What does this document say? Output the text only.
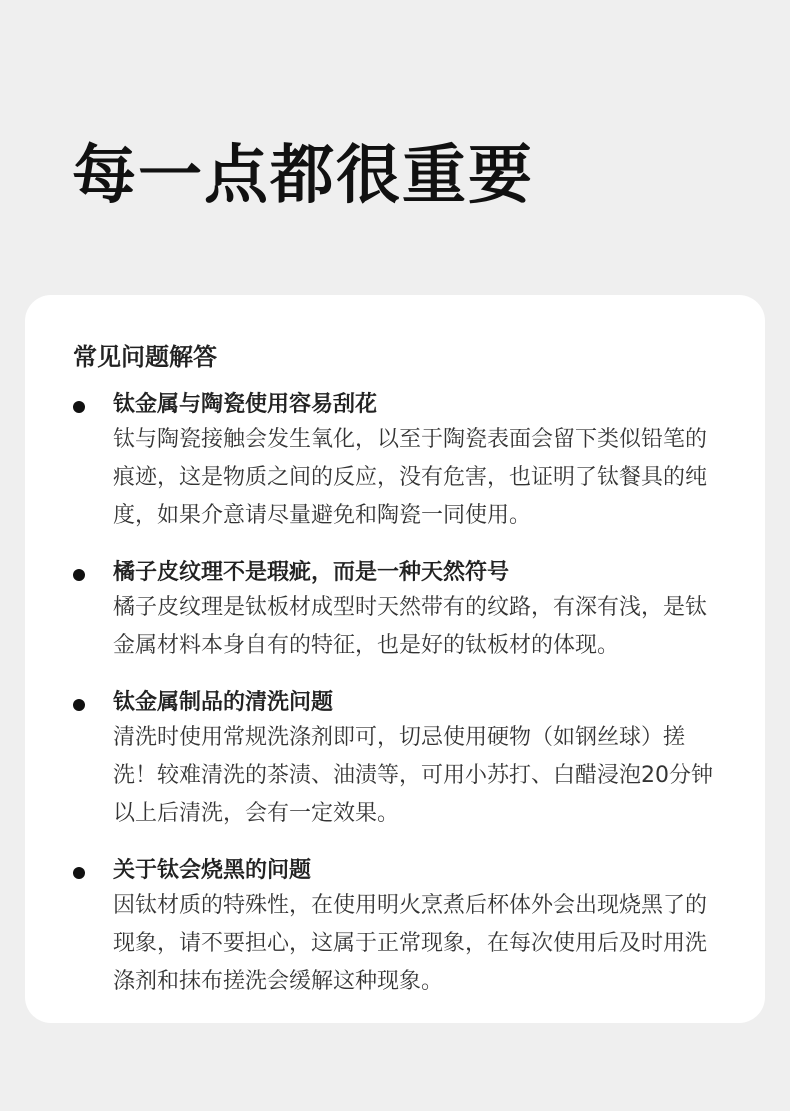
每一点都很重要
常见问题解答
钛金属与陶瓷使用容易刮花

钛与陶瓷接触会发生氧化，以至于陶瓷表面会留下类似铅笔的痕迹，这是物质之间的反应，没有危害，也证明了钛餐具的纯度，如果介意请尽量避免和陶瓷一同使用。

橘子皮纹理不是瑕疵，而是一种天然符号

橘子皮纹理是钛板材成型时天然带有的纹路，有深有浅，是钛金属材料本身自有的特征，也是好的钛板材的体现。

钛金属制品的清洗问题

清洗时使用常规洗涤剂即可，切忌使用硬物（如钢丝球）搓洗！较难清洗的茶渍、油渍等，可用小苏打、白醋浸泡20分钟以上后清洗，会有一定效果。

关于钛会烧黑的问题

因钛材质的特殊性，在使用明火烹煮后杯体外会出现烧黑了的现象，请不要担心，这属于正常现象，在每次使用后及时用洗涤剂和抹布搓洗会缓解这种现象。
